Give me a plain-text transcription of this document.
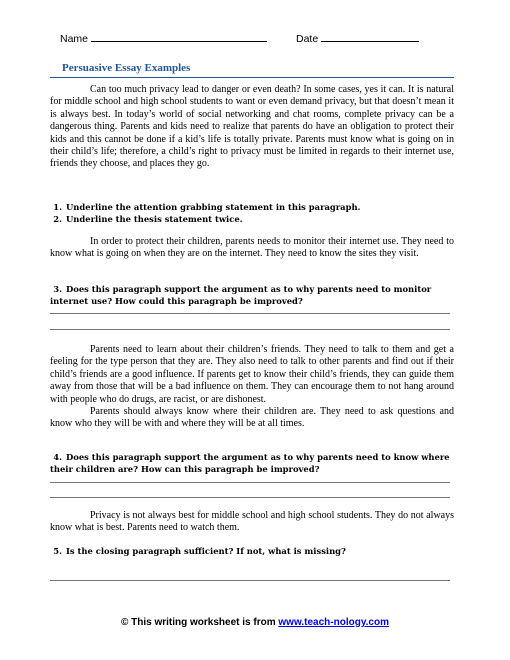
Name	Date
Persuasive Essay Examples

Can too much privacy lead to danger or even death? In some cases, yes it can. It is natural for middle school and high school students to want or even demand privacy, but that doesn’t mean it is always best. In today’s world of social networking and chat rooms, complete privacy can be a dangerous thing. Parents and kids need to realize that parents do have an obligation to protect their kids and this cannot be done if a kid’s life is totally private. Parents must know what is going on in their child’s life; therefore, a child’s right to privacy must be limited in regards to their internet use, friends they choose, and places they go.

1. Underline the attention grabbing statement in this paragraph.
2. Underline the thesis statement twice.

In order to protect their children, parents needs to monitor their internet use. They need to know what is going on when they are on the internet. They need to know the sites they visit.

3. Does this paragraph support the argument as to why parents need to monitor internet use? How could this paragraph be improved?

Parents need to learn about their children’s friends. They need to talk to them and get a feeling for the type person that they are. They also need to talk to other parents and find out if their child’s friends are a good influence. If parents get to know their child’s friends, they can guide them away from those that will be a bad influence on them. They can encourage them to not hang around with people who do drugs, are racist, or are dishonest.

Parents should always know where their children are. They need to ask questions and know who they will be with and where they will be at all times.

4. Does this paragraph support the argument as to why parents need to know where their children are? How can this paragraph be improved?

Privacy is not always best for middle school and high school students. They do not always know what is best. Parents need to watch them.

5. Is the closing paragraph sufficient? If not, what is missing?
© This writing worksheet is from www.teach-nology.com
